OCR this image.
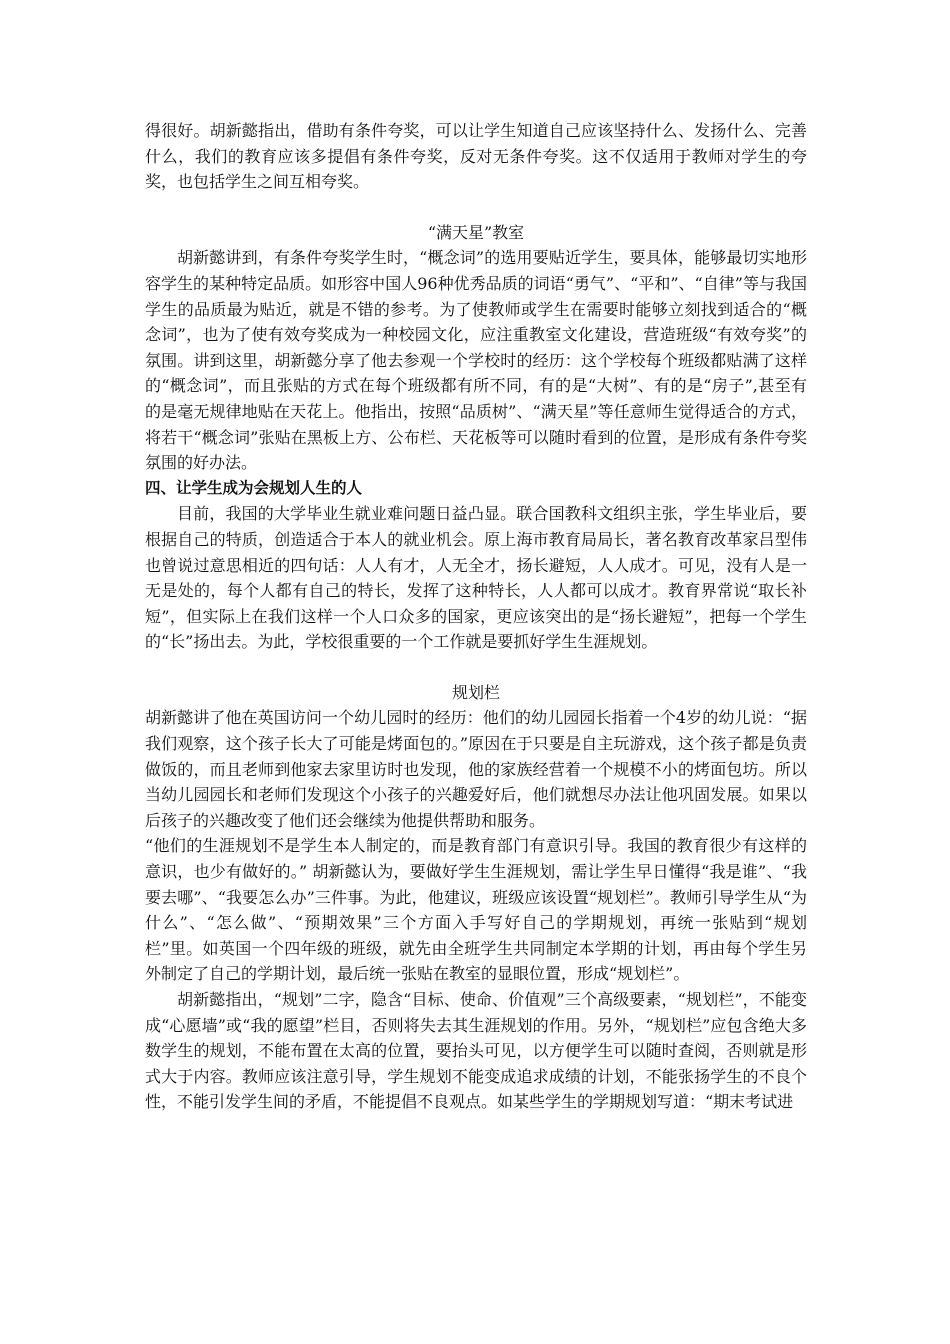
得很好。胡新懿指出，借助有条件夸奖，可以让学生知道自己应该坚持什么、发扬什么、完善什么，我们的教育应该多提倡有条件夸奖，反对无条件夸奖。这不仅适用于教师对学生的夸奖，也包括学生之间互相夸奖。

“满天星”教室

胡新懿讲到，有条件夸奖学生时，“概念词”的选用要贴近学生，要具体，能够最切实地形容学生的某种特定品质。如形容中国人96种优秀品质的词语“勇气”、“平和”、“自律”等与我国学生的品质最为贴近，就是不错的参考。为了使教师或学生在需要时能够立刻找到适合的“概念词”，也为了使有效夸奖成为一种校园文化，应注重教室文化建设，营造班级“有效夸奖”的氛围。讲到这里，胡新懿分享了他去参观一个学校时的经历：这个学校每个班级都贴满了这样的“概念词”，而且张贴的方式在每个班级都有所不同，有的是“大树”、有的是“房子”,甚至有的是毫无规律地贴在天花上。他指出，按照“品质树”、“满天星”等任意师生觉得适合的方式，将若干“概念词”张贴在黑板上方、公布栏、天花板等可以随时看到的位置，是形成有条件夸奖氛围的好办法。

四、让学生成为会规划人生的人

目前，我国的大学毕业生就业难问题日益凸显。联合国教科文组织主张，学生毕业后，要根据自己的特质，创造适合于本人的就业机会。原上海市教育局局长，著名教育改革家吕型伟也曾说过意思相近的四句话：人人有才，人无全才，扬长避短，人人成才。可见，没有人是一无是处的，每个人都有自己的特长，发挥了这种特长，人人都可以成才。教育界常说“取长补短”，但实际上在我们这样一个人口众多的国家，更应该突出的是“扬长避短”，把每一个学生的“长”扬出去。为此，学校很重要的一个工作就是要抓好学生生涯规划。

规划栏

胡新懿讲了他在英国访问一个幼儿园时的经历：他们的幼儿园园长指着一个4岁的幼儿说：“据我们观察，这个孩子长大了可能是烤面包的。”原因在于只要是自主玩游戏，这个孩子都是负责做饭的，而且老师到他家去家里访时也发现，他的家族经营着一个规模不小的烤面包坊。所以当幼儿园园长和老师们发现这个小孩子的兴趣爱好后，他们就想尽办法让他巩固发展。如果以后孩子的兴趣改变了他们还会继续为他提供帮助和服务。

“他们的生涯规划不是学生本人制定的，而是教育部门有意识引导。我国的教育很少有这样的意识，也少有做好的。” 胡新懿认为，要做好学生生涯规划，需让学生早日懂得“我是谁”、“我要去哪”、“我要怎么办”三件事。为此，他建议，班级应该设置“规划栏”。教师引导学生从“为什么”、“怎么做”、“预期效果”三个方面入手写好自己的学期规划，再统一张贴到“规划栏”里。如英国一个四年级的班级，就先由全班学生共同制定本学期的计划，再由每个学生另外制定了自己的学期计划，最后统一张贴在教室的显眼位置，形成“规划栏”。

胡新懿指出，“规划”二字，隐含“目标、使命、价值观”三个高级要素，“规划栏”，不能变成“心愿墙”或“我的愿望”栏目，否则将失去其生涯规划的作用。另外，“规划栏”应包含绝大多数学生的规划，不能布置在太高的位置，要抬头可见，以方便学生可以随时查阅，否则就是形式大于内容。教师应该注意引导，学生规划不能变成追求成绩的计划，不能张扬学生的不良个性，不能引发学生间的矛盾，不能提倡不良观点。如某些学生的学期规划写道：“期末考试进
